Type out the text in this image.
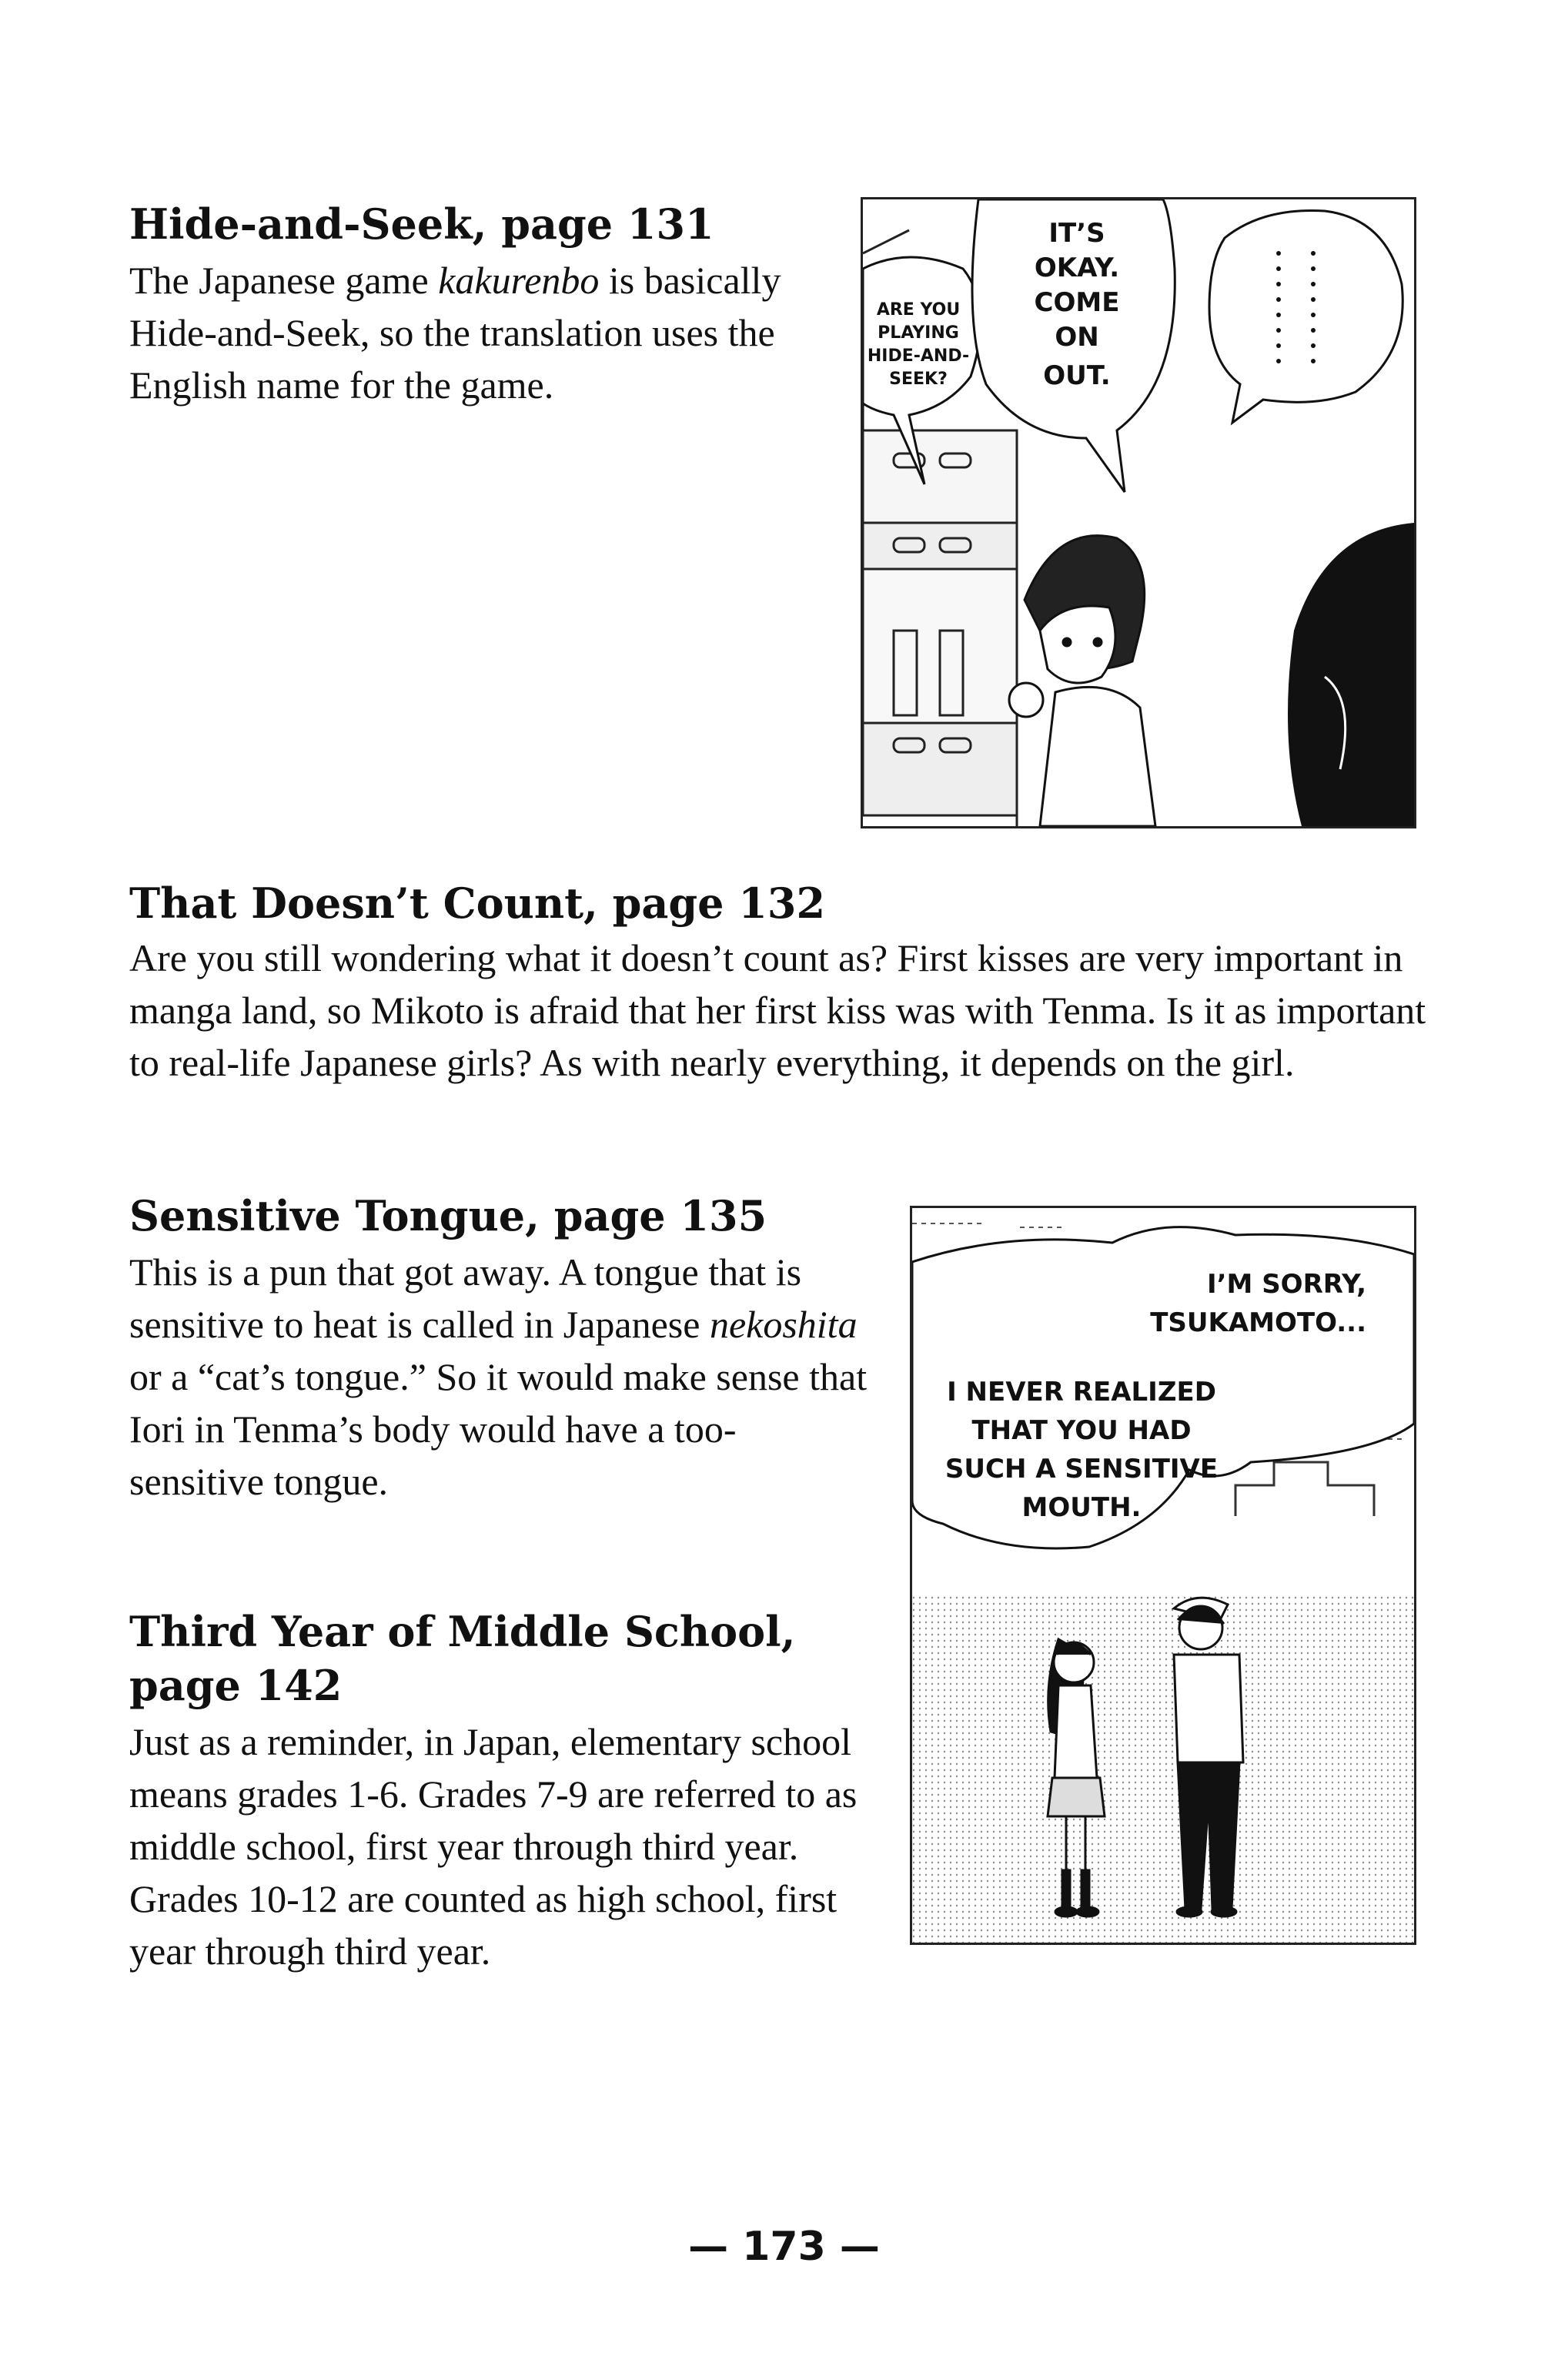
Hide-and-Seek, page 131

The Japanese game kakurenbo is basically Hide-and-Seek, so the translation uses the English name for the game.

ARE YOU
PLAYING
HIDE-AND-
SEEK?
IT’S
OKAY.
COME
ON
OUT.
That Doesn’t Count, page 132

Are you still wondering what it doesn’t count as? First kisses are very important in manga land, so Mikoto is afraid that her first kiss was with Tenma. Is it as important to real-life Japanese girls? As with nearly everything, it depends on the girl.

Sensitive Tongue, page 135

This is a pun that got away. A tongue that is sensitive to heat is called in Japanese nekoshita or a “cat’s tongue.” So it would make sense that Iori in Tenma’s body would have a too-sensitive tongue.

I’M SORRY,
TSUKAMOTO...
I NEVER REALIZED
THAT YOU HAD
SUCH A SENSITIVE
MOUTH.
Third Year of Middle School,
page 142

Just as a reminder, in Japan, elementary school means grades 1-6. Grades 7-9 are referred to as middle school, first year through third year. Grades 10-12 are counted as high school, first year through third year.

— 173 —
